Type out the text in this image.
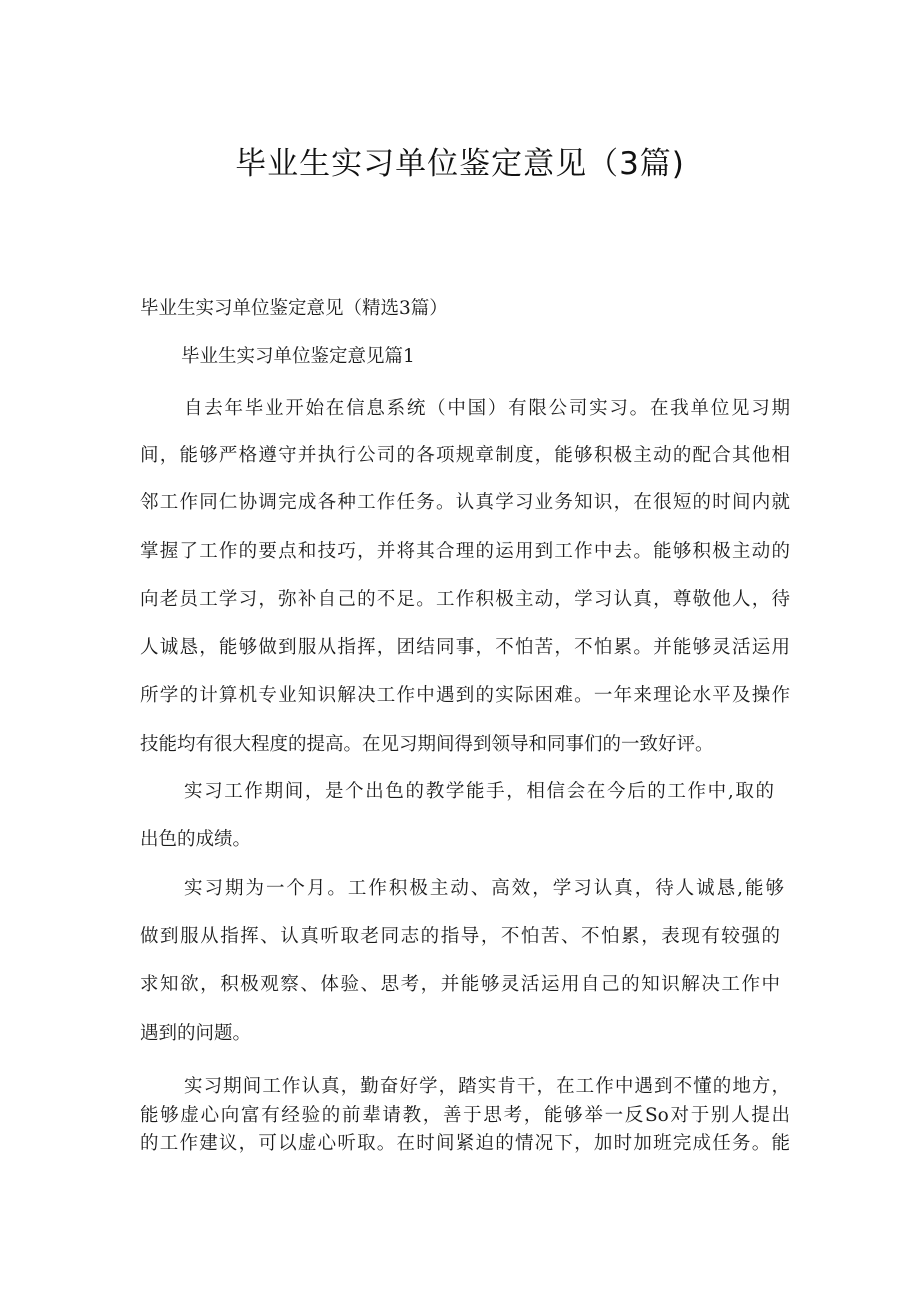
毕业生实习单位鉴定意见（3篇)
毕业生实习单位鉴定意见（精选3篇）
毕业生实习单位鉴定意见篇1
自去年毕业开始在信息系统（中国）有限公司实习。在我单位见习期
间，能够严格遵守并执行公司的各项规章制度，能够积极主动的配合其他相
邻工作同仁协调完成各种工作任务。认真学习业务知识，在很短的时间内就
掌握了工作的要点和技巧，并将其合理的运用到工作中去。能够积极主动的
向老员工学习，弥补自己的不足。工作积极主动，学习认真，尊敬他人，待
人诚恳，能够做到服从指挥，团结同事，不怕苦，不怕累。并能够灵活运用
所学的计算机专业知识解决工作中遇到的实际困难。一年来理论水平及操作
技能均有很大程度的提高。在见习期间得到领导和同事们的一致好评。
实习工作期间，是个出色的教学能手，相信会在今后的工作中,取的
出色的成绩。
实习期为一个月。工作积极主动、高效，学习认真，待人诚恳,能够
做到服从指挥、认真听取老同志的指导，不怕苦、不怕累，表现有较强的
求知欲，积极观察、体验、思考，并能够灵活运用自己的知识解决工作中
遇到的问题。
实习期间工作认真，勤奋好学，踏实肯干，在工作中遇到不懂的地方，
能够虚心向富有经验的前辈请教，善于思考，能够举一反So对于别人提出
的工作建议，可以虚心听取。在时间紧迫的情况下，加时加班完成任务。能
